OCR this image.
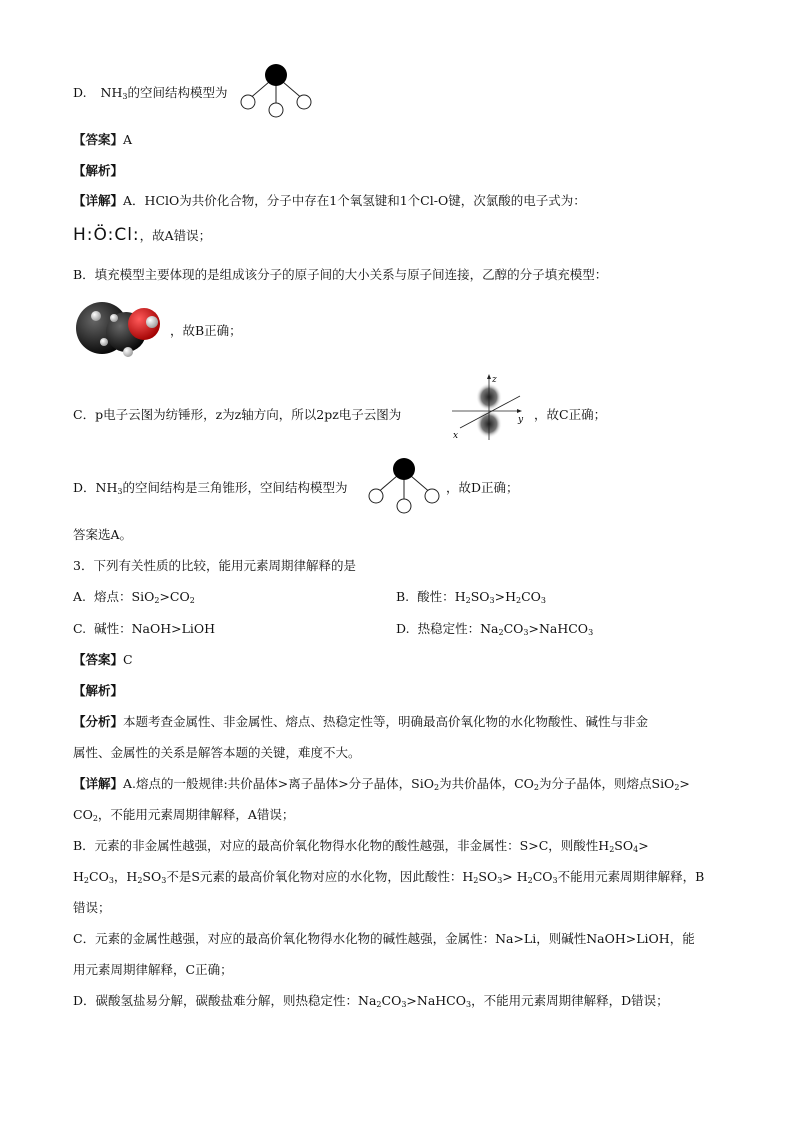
D. $NH_3$的空间结构模型为
【答案】A
【解析】
【详解】A．HClO为共价化合物，分子中存在1个氧氢键和1个Cl-O键，次氯酸的电子式为：
H:Ö:Cl:，故A错误；
B．填充模型主要体现的是组成该分子的原子间的大小关系与原子间连接，乙醇的分子填充模型：
，故B正确；
C．p电子云图为纺锤形，z为z轴方向，所以2pz电子云图为
z
y
x
，故C正确；
D．$NH_3$的空间结构是三角锥形，空间结构模型为	，故D正确；
答案选A。
3．下列有关性质的比较，能用元素周期律解释的是
A. 熔点：$SiO_2>CO_2$	B. 酸性：$H_2SO_3>H_2CO_3$
C. 碱性：NaOH>LiOH	D. 热稳定性：$Na_2CO_3>NaHCO_3$
【答案】C
【解析】
【分析】本题考查金属性、非金属性、熔点、热稳定性等，明确最高价氧化物的水化物酸性、碱性与非金
属性、金属性的关系是解答本题的关键，难度不大。
【详解】A.熔点的一般规律:共价晶体>离子晶体>分子晶体，SiO$_2$为共价晶体，$CO_2$为分子晶体，则熔点SiO$_2$>
$CO_2$，不能用元素周期律解释，A错误；
B．元素的非金属性越强，对应的最高价氧化物得水化物的酸性越强，非金属性：S>C，则酸性$H_2SO_4>$
$H_2CO_3$，$H_2SO_3$不是S元素的最高价氧化物对应的水化物，因此酸性：$H_2SO_3> H_2CO_3$不能用元素周期律解释，B
错误；
C．元素的金属性越强，对应的最高价氧化物得水化物的碱性越强，金属性：Na>Li，则碱性NaOH>LiOH，能
用元素周期律解释，C正确；
D．碳酸氢盐易分解，碳酸盐难分解，则热稳定性：$Na_2CO_3>NaHCO_3$，不能用元素周期律解释，D错误；
